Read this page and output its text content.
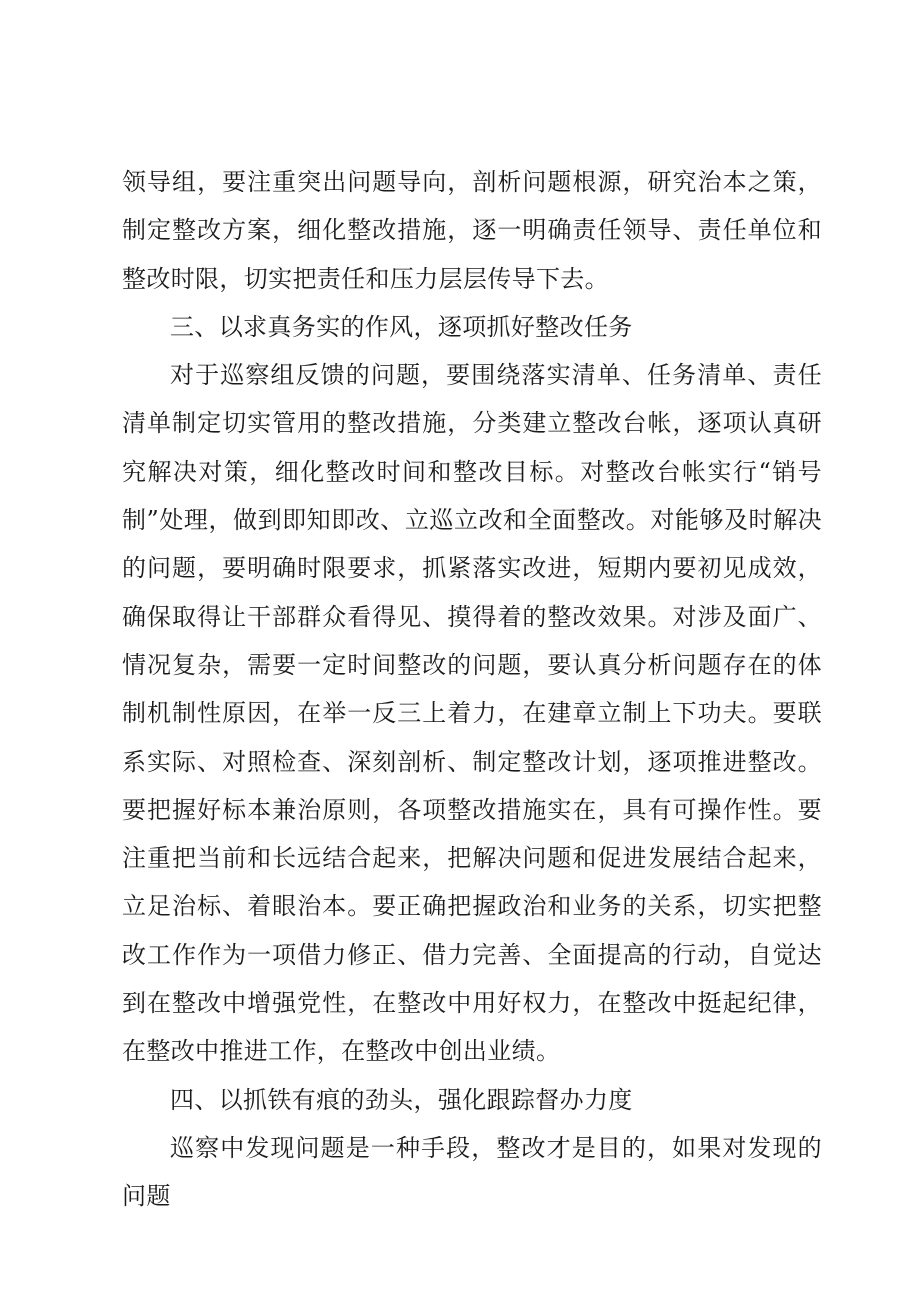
领导组，要注重突出问题导向，剖析问题根源，研究治本之策，制定整改方案，细化整改措施，逐一明确责任领导、责任单位和整改时限，切实把责任和压力层层传导下去。

三、以求真务实的作风，逐项抓好整改任务

对于巡察组反馈的问题，要围绕落实清单、任务清单、责任清单制定切实管用的整改措施，分类建立整改台帐，逐项认真研究解决对策，细化整改时间和整改目标。对整改台帐实行“销号制”处理，做到即知即改、立巡立改和全面整改。对能够及时解决的问题，要明确时限要求，抓紧落实改进，短期内要初见成效，确保取得让干部群众看得见、摸得着的整改效果。对涉及面广、情况复杂，需要一定时间整改的问题，要认真分析问题存在的体制机制性原因，在举一反三上着力，在建章立制上下功夫。要联系实际、对照检查、深刻剖析、制定整改计划，逐项推进整改。要把握好标本兼治原则，各项整改措施实在，具有可操作性。要注重把当前和长远结合起来，把解决问题和促进发展结合起来，立足治标、着眼治本。要正确把握政治和业务的关系，切实把整改工作作为一项借力修正、借力完善、全面提高的行动，自觉达到在整改中增强党性，在整改中用好权力，在整改中挺起纪律，在整改中推进工作，在整改中创出业绩。

四、以抓铁有痕的劲头，强化跟踪督办力度

巡察中发现问题是一种手段，整改才是目的，如果对发现的问题
